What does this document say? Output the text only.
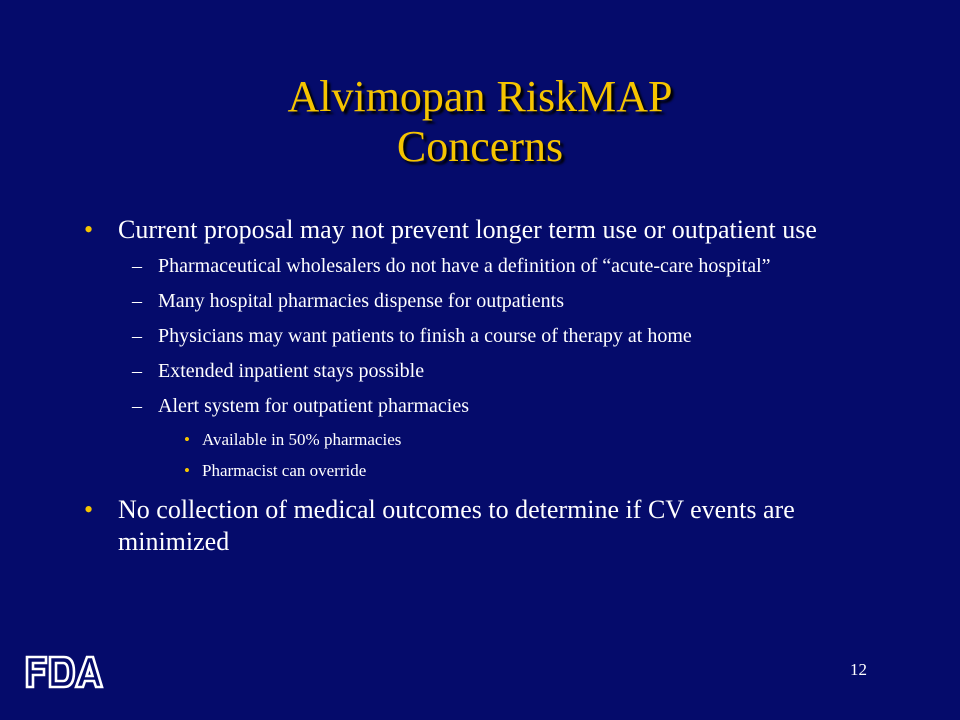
Alvimopan RiskMAP
Concerns
• Current proposal may not prevent longer term use or outpatient use
– Pharmaceutical wholesalers do not have a definition of “acute-care hospital”
– Many hospital pharmacies dispense for outpatients
– Physicians may want patients to finish a course of therapy at home
– Extended inpatient stays possible
– Alert system for outpatient pharmacies
• Available in 50% pharmacies
• Pharmacist can override
• No collection of medical outcomes to determine if CV events are minimized
12
